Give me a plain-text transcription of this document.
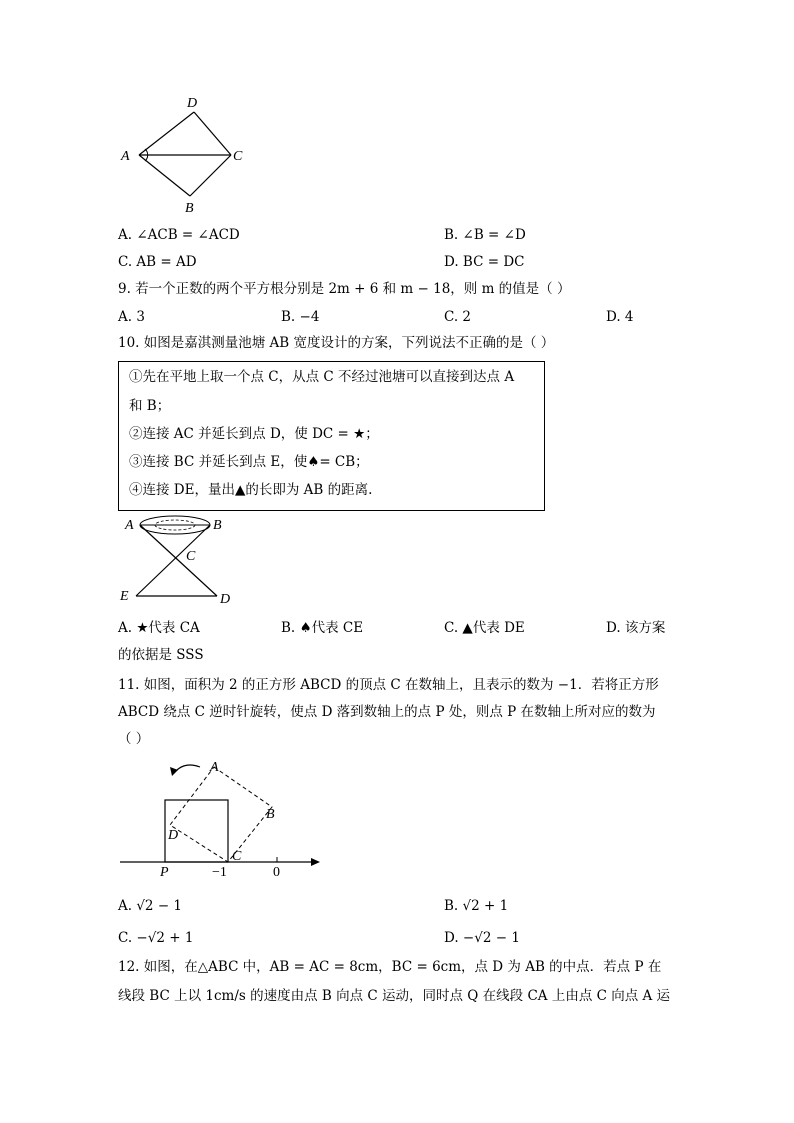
D
A	C
B
A. ∠ACB = ∠ACD	B. ∠B = ∠D
C. AB = AD	D. BC = DC
9. 若一个正数的两个平方根分别是 2m + 6 和 m − 18，则 m 的值是（ ）
A. 3	B. −4	C. 2	D. 4
10. 如图是嘉淇测量池塘 AB 宽度设计的方案，下列说法不正确的是（ ）
①先在平地上取一个点 C，从点 C 不经过池塘可以直接到达点 A
和 B；
②连接 AC 并延长到点 D，使 DC = ★；
③连接 BC 并延长到点 E，使♠= CB；
④连接 DE，量出▲的长即为 AB 的距离.
A	B
C
E	D
A. ★代表 CA	B. ♠代表 CE	C. ▲代表 DE	D. 该方案
的依据是 SSS
11. 如图，面积为 2 的正方形 ABCD 的顶点 C 在数轴上，且表示的数为 −1．若将正方形
ABCD 绕点 C 逆时针旋转，使点 D 落到数轴上的点 P 处，则点 P 在数轴上所对应的数为
（ ）
A
B
D
C
P	−1	0
A. √2 − 1	B. √2 + 1
C. −√2 + 1	D. −√2 − 1
12. 如图，在△ABC 中，AB = AC = 8cm，BC = 6cm，点 D 为 AB 的中点．若点 P 在
线段 BC 上以 1cm/s 的速度由点 B 向点 C 运动，同时点 Q 在线段 CA 上由点 C 向点 A 运
